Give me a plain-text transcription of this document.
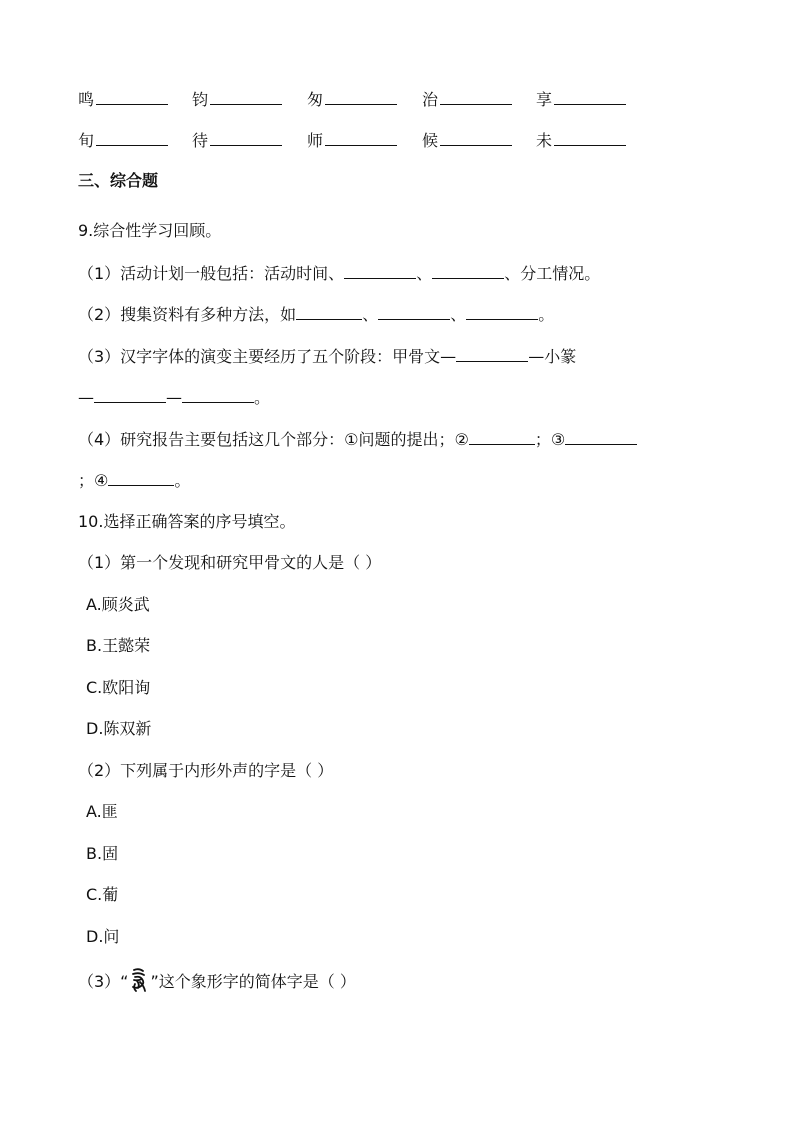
鸣	钧	匆	治	享
旬	待	师	候	未
三、综合题
9.综合性学习回顾。
（1）活动计划一般包括：活动时间、	、	、分工情况。
（2）搜集资料有多种方法，如	、	、	。
（3）汉字字体的演变主要经历了五个阶段：甲骨文—	—小篆
—	—	。
（4）研究报告主要包括这几个部分：①问题的提出；②	；③
；④	。
10.选择正确答案的序号填空。
（1）第一个发现和研究甲骨文的人是（ ）
A.顾炎武
B.王懿荣
C.欧阳询
D.陈双新
（2）下列属于内形外声的字是（ ）
A.匪
B.固
C.葡
D.问
（3）“ ”这个象形字的简体字是（ ）
